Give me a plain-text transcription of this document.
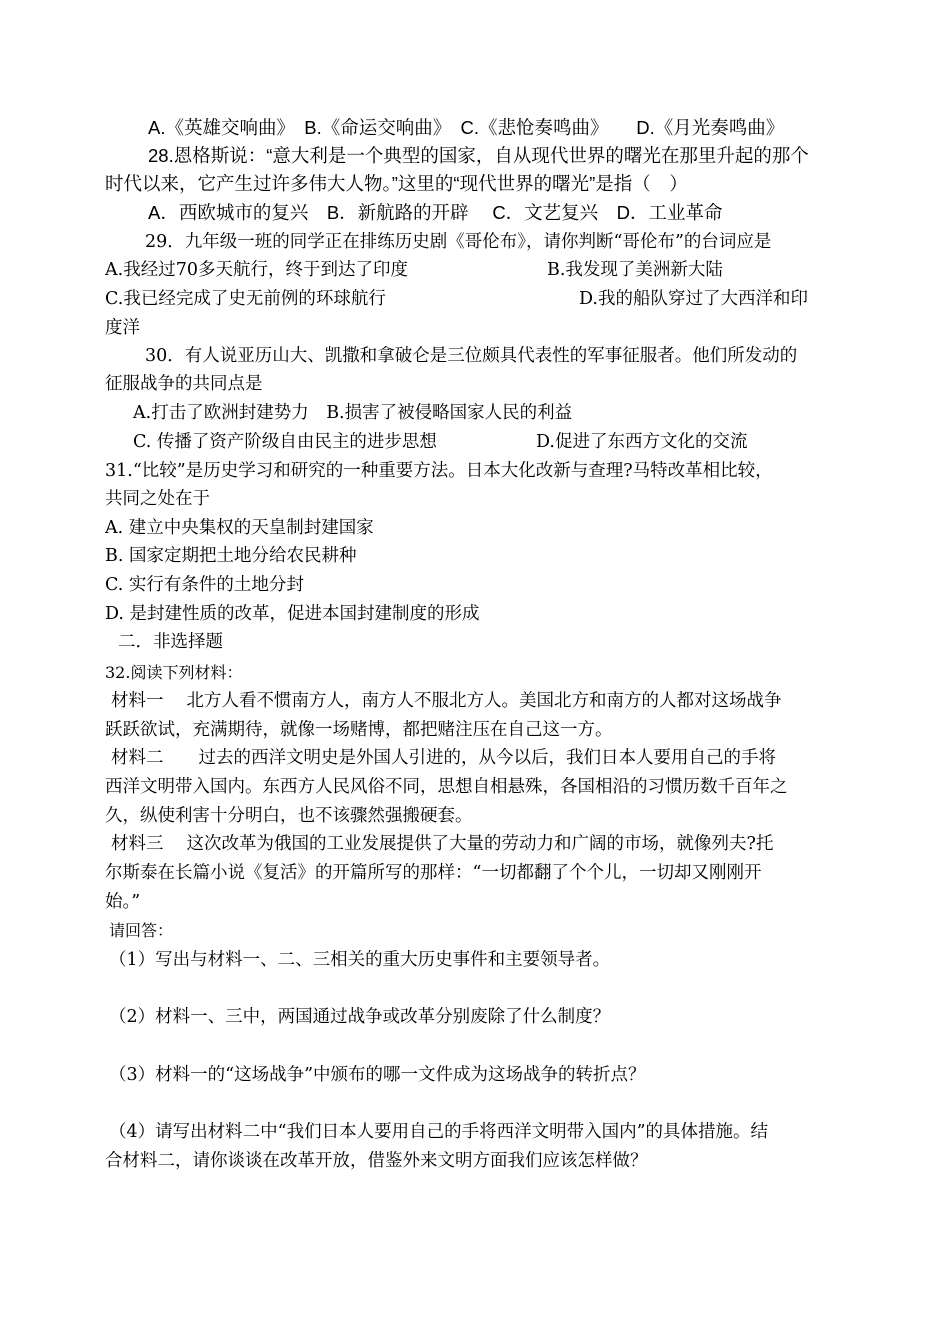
A.《英雄交响曲》　B.《命运交响曲》　C.《悲怆奏鸣曲》　　D.《月光奏鸣曲》
28.恩格斯说：“意大利是一个典型的国家，自从现代世界的曙光在那里升起的那个
时代以来，它产生过许多伟大人物。”这里的“现代世界的曙光”是指（　）
A．西欧城市的复兴　B．新航路的开辟　 C．文艺复兴　D．工业革命
29．九年级一班的同学正在排练历史剧《哥伦布》，请你判断“哥伦布”的台词应是
A.我经过70多天航行，终于到达了印度	B.我发现了美洲新大陆
C.我已经完成了史无前例的环球航行	D.我的船队穿过了大西洋和印
度洋
30．有人说亚历山大、凯撒和拿破仑是三位颇具代表性的军事征服者。他们所发动的
征服战争的共同点是
A.打击了欧洲封建势力　B.损害了被侵略国家人民的利益
C. 传播了资产阶级自由民主的进步思想	D.促进了东西方文化的交流
31.“比较”是历史学习和研究的一种重要方法。日本大化改新与查理?马特改革相比较，
共同之处在于
A. 建立中央集权的天皇制封建国家
B. 国家定期把土地分给农民耕种
C. 实行有条件的土地分封
D. 是封建性质的改革，促进本国封建制度的形成
二．非选择题
32.阅读下列材料：
材料一　 北方人看不惯南方人，南方人不服北方人。美国北方和南方的人都对这场战争
跃跃欲试，充满期待，就像一场赌博，都把赌注压在自己这一方。
材料二　　过去的西洋文明史是外国人引进的，从今以后，我们日本人要用自己的手将
西洋文明带入国内。东西方人民风俗不同，思想自相悬殊，各国相沿的习惯历数千百年之
久，纵使利害十分明白，也不该骤然强搬硬套。
材料三　 这次改革为俄国的工业发展提供了大量的劳动力和广阔的市场，就像列夫?托
尔斯泰在长篇小说《复活》的开篇所写的那样：“一切都翻了个个儿，一切却又刚刚开
始。”
请回答：
（1）写出与材料一、二、三相关的重大历史事件和主要领导者。
（2）材料一、三中，两国通过战争或改革分别废除了什么制度？
（3）材料一的“这场战争”中颁布的哪一文件成为这场战争的转折点？
（4）请写出材料二中“我们日本人要用自己的手将西洋文明带入国内”的具体措施。结
合材料二，请你谈谈在改革开放，借鉴外来文明方面我们应该怎样做？
